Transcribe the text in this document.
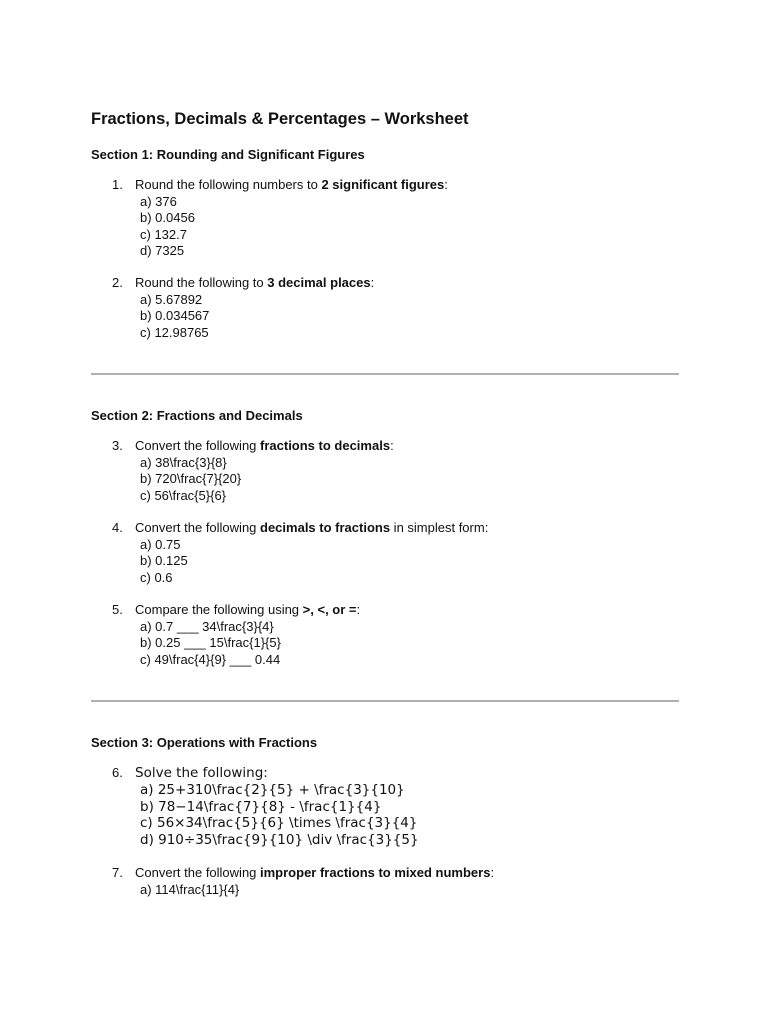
Fractions, Decimals & Percentages – Worksheet
Section 1: Rounding and Significant Figures
1. Round the following numbers to 2 significant figures:
a) 376
b) 0.0456
c) 132.7
d) 7325
2. Round the following to 3 decimal places:
a) 5.67892
b) 0.034567
c) 12.98765
Section 2: Fractions and Decimals
3. Convert the following fractions to decimals:
a) 38\frac{3}{8}
b) 720\frac{7}{20}
c) 56\frac{5}{6}
4. Convert the following decimals to fractions in simplest form:
a) 0.75
b) 0.125
c) 0.6
5. Compare the following using >, <, or =:
a) 0.7 ___ 34\frac{3}{4}
b) 0.25 ___ 15\frac{1}{5}
c) 49\frac{4}{9} ___ 0.44
Section 3: Operations with Fractions
6. Solve the following:
a) 25+310\frac{2}{5} + \frac{3}{10}
b) 78−14\frac{7}{8} - \frac{1}{4}
c) 56×34\frac{5}{6} \times \frac{3}{4}
d) 910÷35\frac{9}{10} \div \frac{3}{5}
7. Convert the following improper fractions to mixed numbers:
a) 114\frac{11}{4}
